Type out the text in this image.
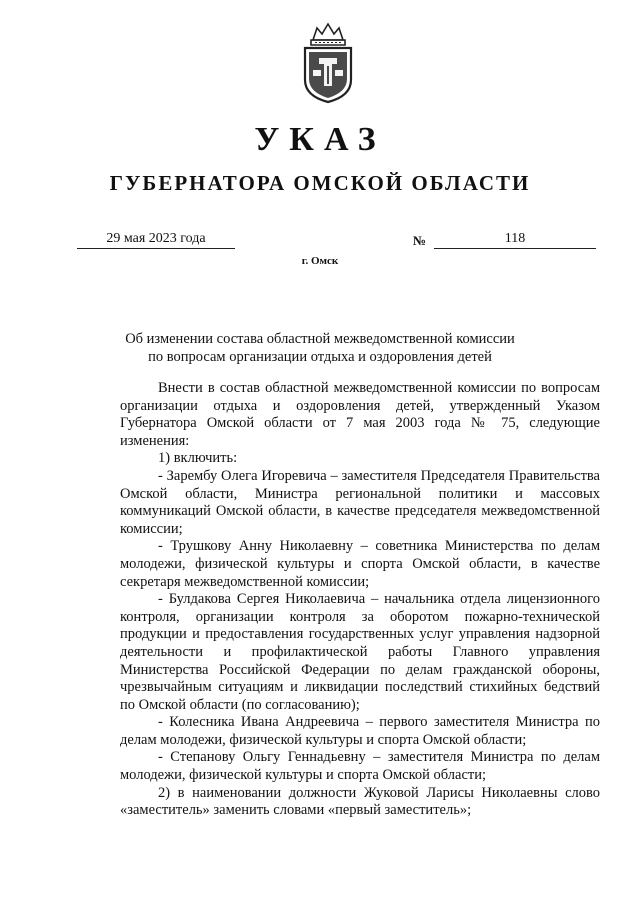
УКАЗ
ГУБЕРНАТОРА ОМСКОЙ ОБЛАСТИ
29 мая 2023 года	№	118
г. Омск
Об изменении состава областной межведомственной комиссии
по вопросам организации отдыха и оздоровления детей

Внести в состав областной межведомственной комиссии по вопросам организации отдыха и оздоровления детей, утвержденный Указом Губернатора Омской области от 7 мая 2003 года № 75, следующие изменения:

1) включить:

- Зарембу Олега Игоревича – заместителя Председателя Правительства Омской области, Министра региональной политики и массовых коммуникаций Омской области, в качестве председателя межведомственной комиссии;

- Трушкову Анну Николаевну – советника Министерства по делам молодежи, физической культуры и спорта Омской области, в качестве секретаря межведомственной комиссии;

- Булдакова Сергея Николаевича – начальника отдела лицензионного контроля, организации контроля за оборотом пожарно-технической продукции и предоставления государственных услуг управления надзорной деятельности и профилактической работы Главного управления Министерства Российской Федерации по делам гражданской обороны, чрезвычайным ситуациям и ликвидации последствий стихийных бедствий по Омской области (по согласованию);

- Колесника Ивана Андреевича – первого заместителя Министра по делам молодежи, физической культуры и спорта Омской области;

- Степанову Ольгу Геннадьевну – заместителя Министра по делам молодежи, физической культуры и спорта Омской области;

2) в наименовании должности Жуковой Ларисы Николаевны слово «заместитель» заменить словами «первый заместитель»;
